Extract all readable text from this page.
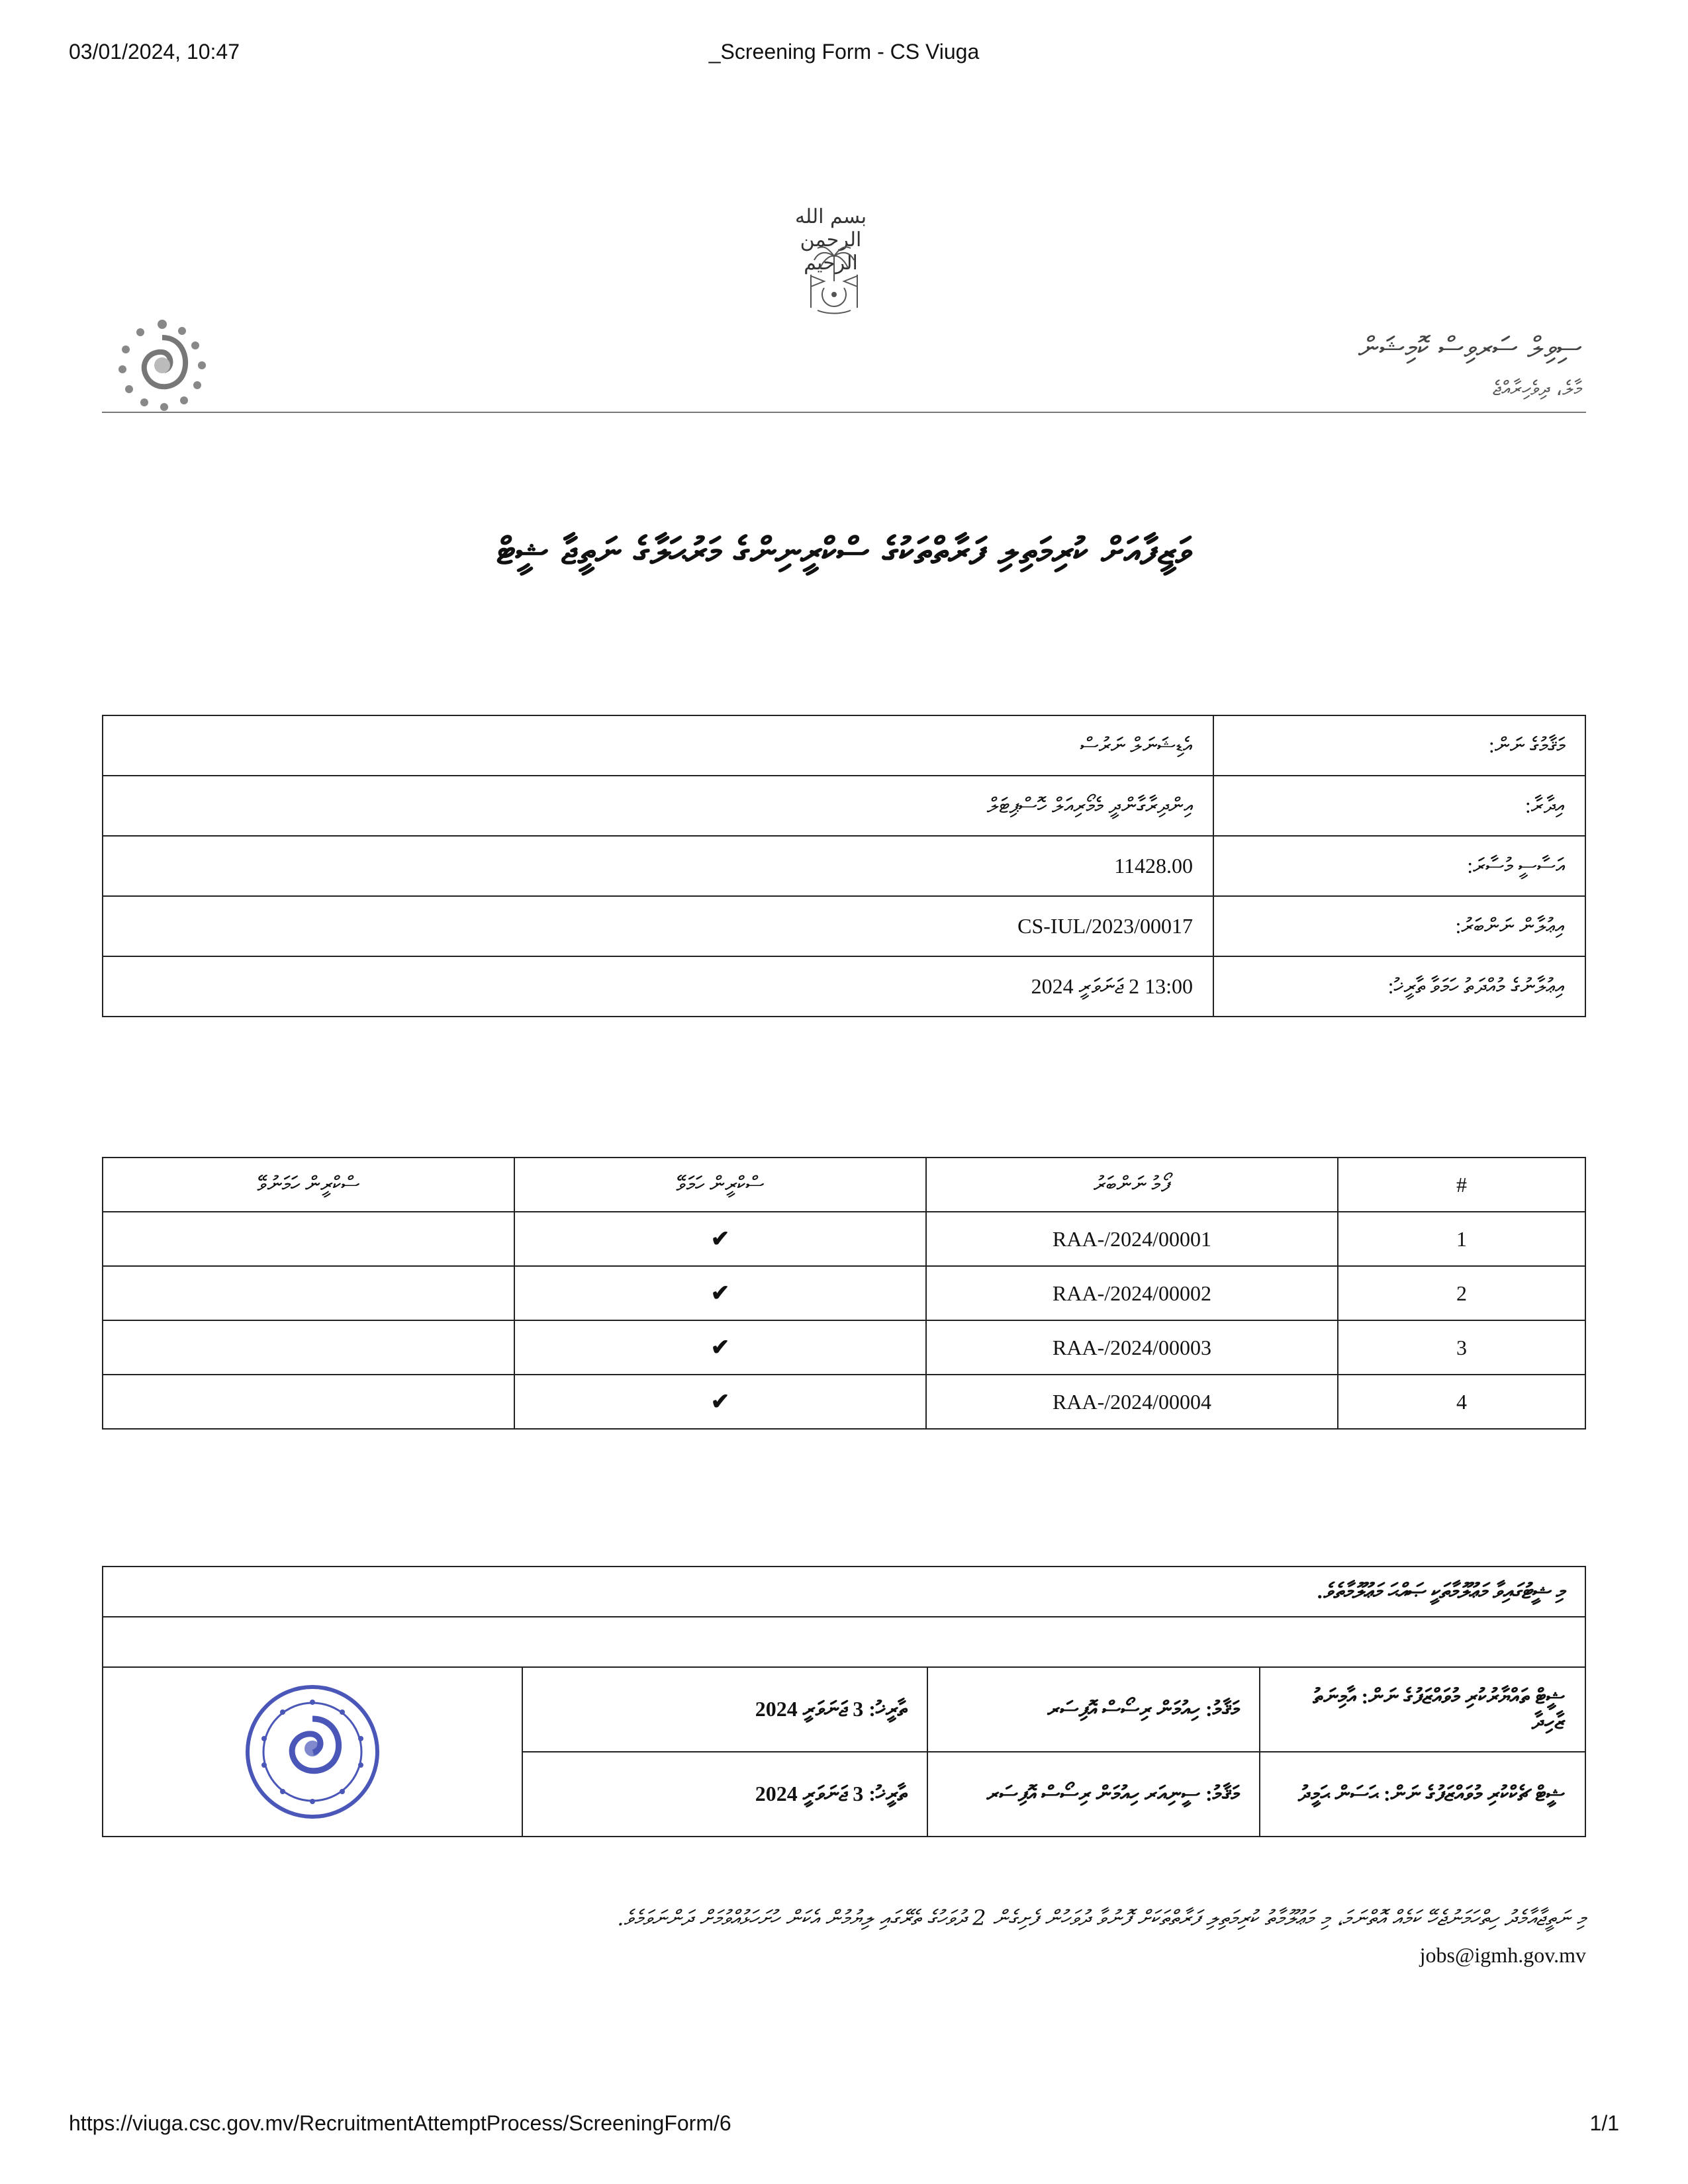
03/01/2024, 10:47	_Screening Form - CS Viuga
بسم الله الرحمن الرحيم
ސިވިލް ސަރވިސް ކޮމިޝަން
މާލެ، ދިވެހިރާއްޖެ
ވަޒީފާއަށް ކުރިމަތިލި ފަރާތްތަކުގެ ސްކްރީނިންގެ މަރުޙަލާގެ ނަތީޖާ ޝީޓް
އެޑިޝަނަލް ނަރުސް	މަޤާމުގެ ނަން:
އިންދިރާގާންދީ މެމޯރިއަލް ހޮސްޕިޓަލް	އިދާރާ:
11428.00	އަސާސީ މުސާރަ:
CS-IUL/2023/00017	އިޢުލާން ނަންބަރު:
13:00 2 ޖަނަވަރީ 2024	އިޢުލާނުގެ މުއްދަތު ހަމަވާ ތާރީޚު:
ސްކްރީން ހަމަނުވޭ	ސްކްރީން ހަމަވޭ	ފޯމު ނަންބަރު	#
	✔	RAA-/2024/00001	1
	✔	RAA-/2024/00002	2
	✔	RAA-/2024/00003	3
	✔	RAA-/2024/00004	4
މި ޝީޓުގައިވާ މަޢުލޫމާތަކީ ޞައްޙަ މަޢުލޫމާތެވެ.			

	ތާރީޚު: 3 ޖަނަވަރީ 2024	މަޤާމު: ހިއުމަން ރިސޯސް އޮފިސަރ	ޝީޓް ތައްޔާރުކުރި މުވައްޒަފުގެ ނަން: އާމިނަތު ޒާހިދާ
	ތާރީޚު: 3 ޖަނަވަރީ 2024	މަޤާމު: ސީނިއަރ ހިއުމަން ރިސޯސް އޮފިސަރ	ޝީޓް ޗެކްކުރި މުވައްޒަފުގެ ނަން: ޙަސަން ޙަމީދު
މި ނަތީޖާއާމެދު ހިތްހަމަނުޖެހޭ ކަމެއް އޮތްނަމަ، މި މަޢުލޫމާތު ކުރިމަތިލި ފަރާތްތަކަށް ފޮނުވާ ދުވަހުން ފެށިގެން 2 ދުވަހުގެ ތެރޭގައި ލިޔުމުން އެކަން ހުށަހަޅުއްވުމަށް ދަންނަވަމެވެ.
jobs@igmh.gov.mv
https://viuga.csc.gov.mv/RecruitmentAttemptProcess/ScreeningForm/6	1/1
